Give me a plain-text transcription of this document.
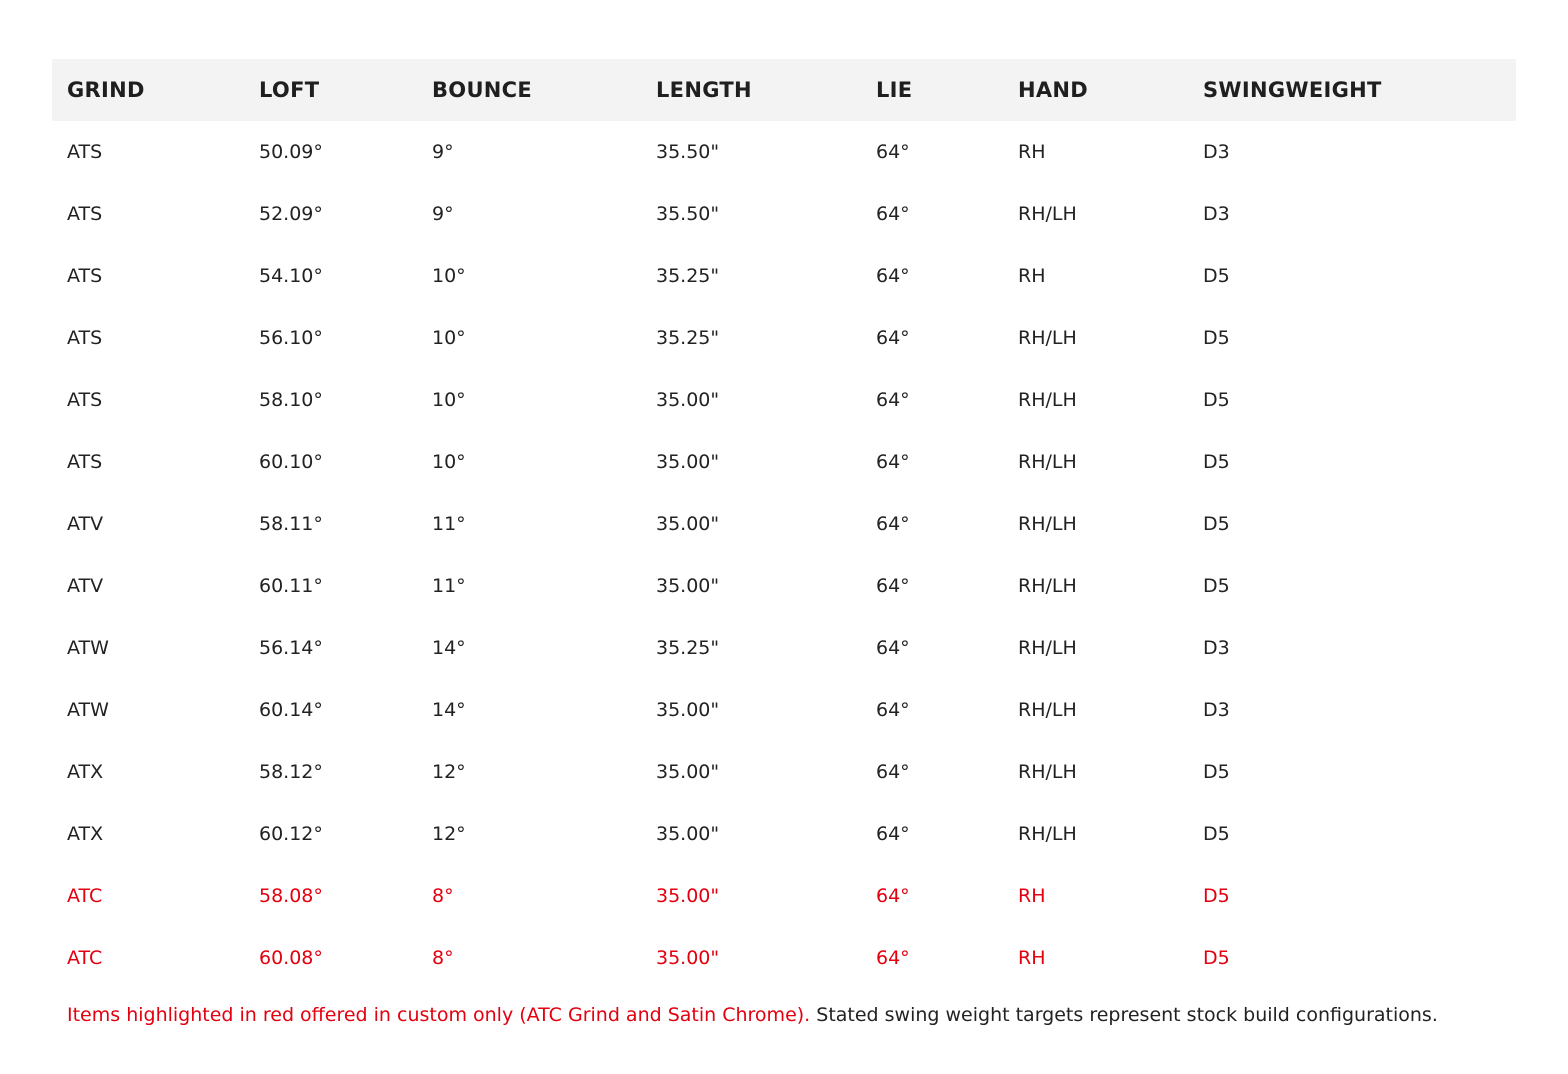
GRIND	LOFT	BOUNCE	LENGTH	LIE	HAND	SWINGWEIGHT
ATS	50.09°	9°	35.50"	64°	RH	D3
ATS	52.09°	9°	35.50"	64°	RH/LH	D3
ATS	54.10°	10°	35.25"	64°	RH	D5
ATS	56.10°	10°	35.25"	64°	RH/LH	D5
ATS	58.10°	10°	35.00"	64°	RH/LH	D5
ATS	60.10°	10°	35.00"	64°	RH/LH	D5
ATV	58.11°	11°	35.00"	64°	RH/LH	D5
ATV	60.11°	11°	35.00"	64°	RH/LH	D5
ATW	56.14°	14°	35.25"	64°	RH/LH	D3
ATW	60.14°	14°	35.00"	64°	RH/LH	D3
ATX	58.12°	12°	35.00"	64°	RH/LH	D5
ATX	60.12°	12°	35.00"	64°	RH/LH	D5
ATC	58.08°	8°	35.00"	64°	RH	D5
ATC	60.08°	8°	35.00"	64°	RH	D5
Items highlighted in red offered in custom only (ATC Grind and Satin Chrome). Stated swing weight targets represent stock build configurations.
